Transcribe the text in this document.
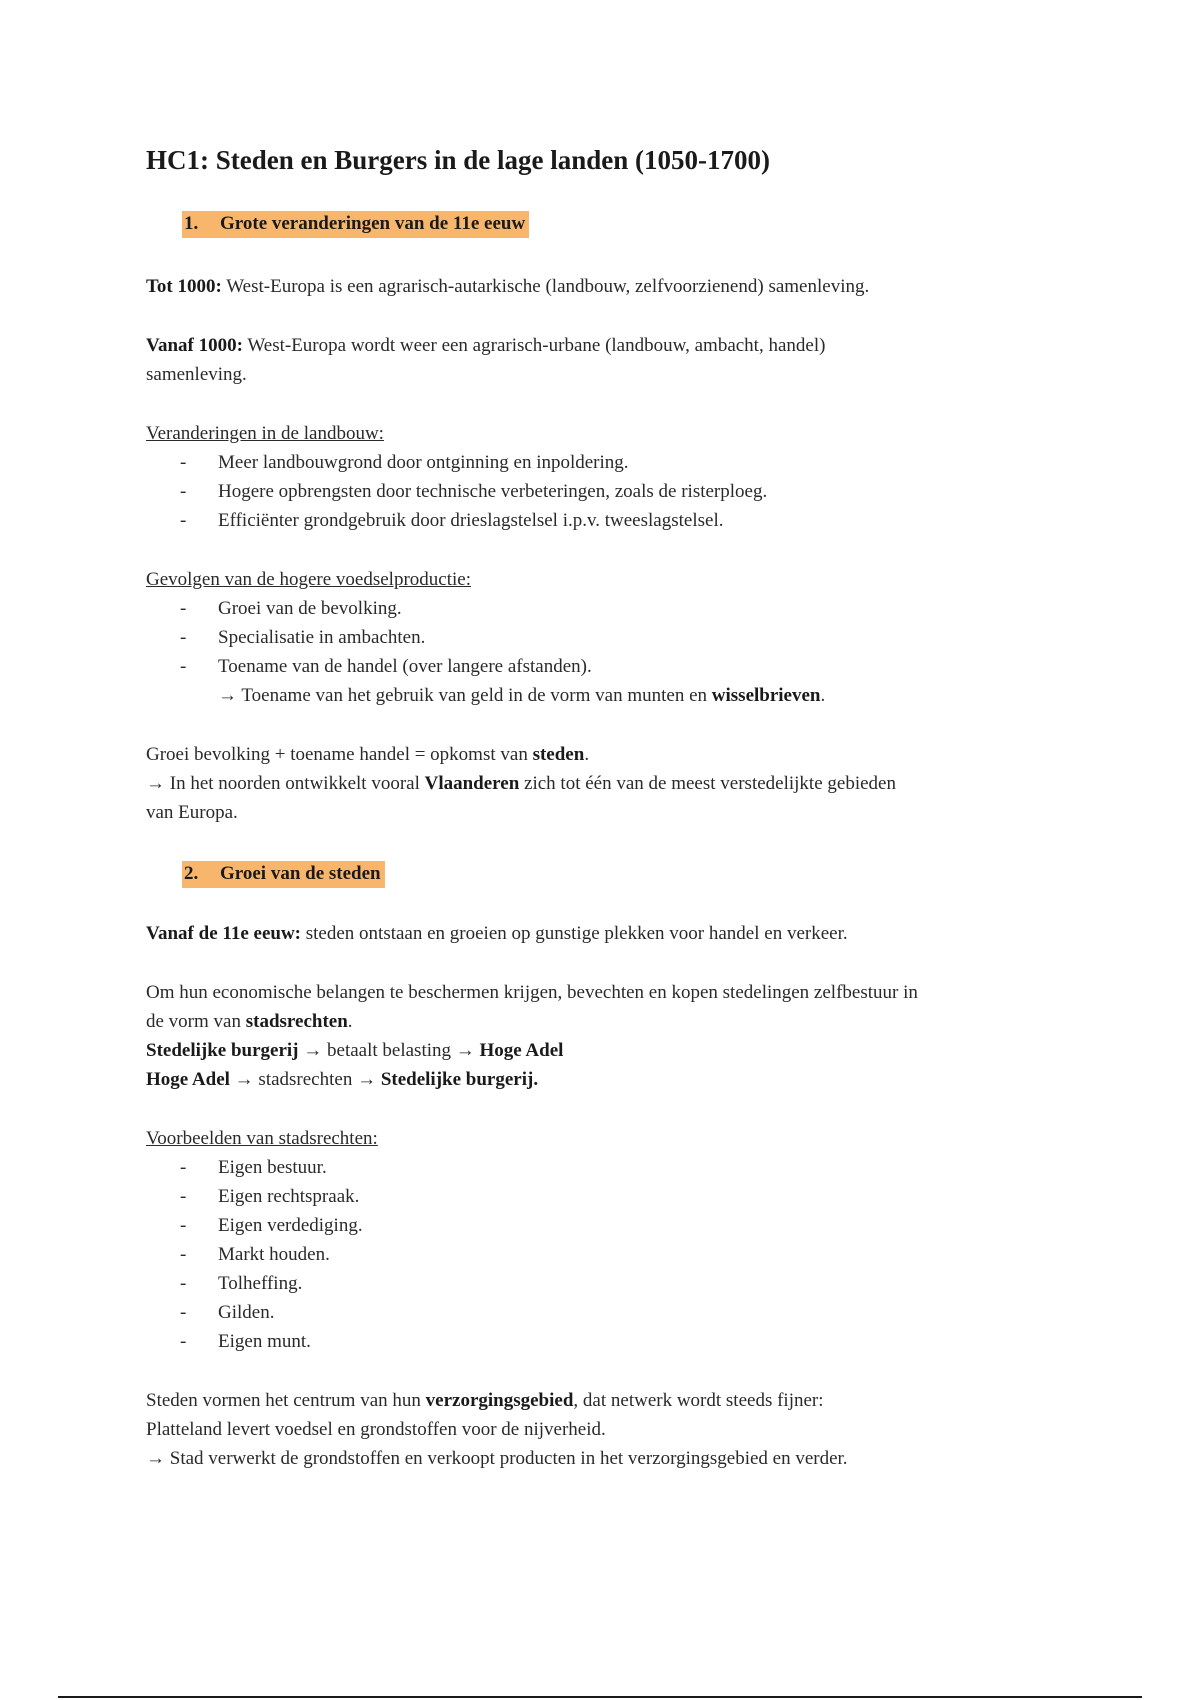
HC1: Steden en Burgers in de lage landen (1050-1700)
1. Grote veranderingen van de 11e eeuw
Tot 1000: West-Europa is een agrarisch-autarkische (landbouw, zelfvoorzienend) samenleving.
Vanaf 1000: West-Europa wordt weer een agrarisch-urbane (landbouw, ambacht, handel)
samenleving.
Veranderingen in de landbouw:
- Meer landbouwgrond door ontginning en inpoldering.
- Hogere opbrengsten door technische verbeteringen, zoals de risterploeg.
- Efficiënter grondgebruik door drieslagstelsel i.p.v. tweeslagstelsel.
Gevolgen van de hogere voedselproductie:
- Groei van de bevolking.
- Specialisatie in ambachten.
- Toename van de handel (over langere afstanden).
→ Toename van het gebruik van geld in de vorm van munten en wisselbrieven.
Groei bevolking + toename handel = opkomst van steden.
→ In het noorden ontwikkelt vooral Vlaanderen zich tot één van de meest verstedelijkte gebieden
van Europa.
2. Groei van de steden
Vanaf de 11e eeuw: steden ontstaan en groeien op gunstige plekken voor handel en verkeer.
Om hun economische belangen te beschermen krijgen, bevechten en kopen stedelingen zelfbestuur in
de vorm van stadsrechten.
Stedelijke burgerij → betaalt belasting → Hoge Adel
Hoge Adel → stadsrechten → Stedelijke burgerij.
Voorbeelden van stadsrechten:
- Eigen bestuur.
- Eigen rechtspraak.
- Eigen verdediging.
- Markt houden.
- Tolheffing.
- Gilden.
- Eigen munt.
Steden vormen het centrum van hun verzorgingsgebied, dat netwerk wordt steeds fijner:
Platteland levert voedsel en grondstoffen voor de nijverheid.
→ Stad verwerkt de grondstoffen en verkoopt producten in het verzorgingsgebied en verder.
